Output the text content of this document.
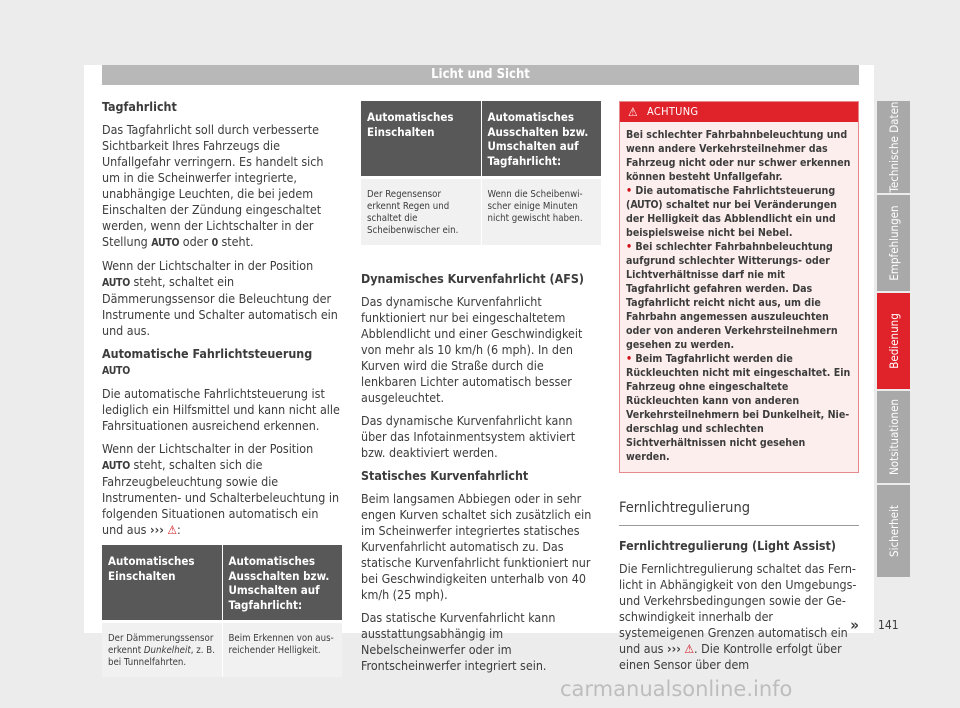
Licht und Sicht

Tagfahrlicht

Das Tagfahrlicht soll durch verbesserte Sichtbarkeit Ihres Fahrzeugs die Unfallgefahr verringern. Es handelt sich um in die Scheinwerfer integrierte, unabhängige Leuchten, die bei jedem Einschalten der Zündung eingeschaltet werden, wenn der Lichtschalter in der Stellung AUTO oder 0 steht.

Wenn der Lichtschalter in der Position AUTO steht, schaltet ein Dämmerungssensor die Beleuchtung der Instrumente und Schalter automatisch ein und aus.

Automatische Fahrlichtsteuerung AUTO

Die automatische Fahrlichtsteuerung ist lediglich ein Hilfsmittel und kann nicht alle Fahrsituationen ausreichend erkennen.

Wenn der Lichtschalter in der Position AUTO steht, schalten sich die Fahrzeugbeleuchtung sowie die Instrumenten- und Schalterbeleuchtung in folgenden Situationen automatisch ein und aus ››› ⚠:

Automatisches Einschalten	Automatisches Ausschalten bzw. Umschalten auf Tagfahrlicht:

Der Dämmerungssensor erkennt Dunkelheit, z. B. bei Tunnelfahrten.	Beim Erkennen von ausreichender Helligkeit.
Automatisches Einschalten	Automatisches Ausschalten bzw. Umschalten auf Tagfahrlicht:

Der Regensensor erkennt Regen und schaltet die Scheibenwischer ein.	Wenn die Scheibenwischer einige Minuten nicht gewischt haben.

Dynamisches Kurvenfahrlicht (AFS)

Das dynamische Kurvenfahrlicht funktioniert nur bei eingeschaltetem Abblendlicht und einer Geschwindigkeit von mehr als 10 km/h (6 mph). In den Kurven wird die Straße durch die lenkbaren Lichter automatisch besser ausgeleuchtet.

Das dynamische Kurvenfahrlicht kann über das Infotainmentsystem aktiviert bzw. deaktiviert werden.

Statisches Kurvenfahrlicht

Beim langsamen Abbiegen oder in sehr engen Kurven schaltet sich zusätzlich ein im Scheinwerfer integriertes statisches Kurvenfahrlicht automatisch zu. Das statische Kurvenfahrlicht funktioniert nur bei Geschwindigkeiten unterhalb von 40 km/h (25 mph).

Das statische Kurvenfahrlicht kann ausstattungsabhängig im Nebelscheinwerfer oder im Frontscheinwerfer integriert sein.

⚠ ACHTUNG

Bei schlechter Fahrbahnbeleuchtung und wenn andere Verkehrsteilnehmer das Fahrzeug nicht oder nur schwer erkennen können besteht Unfallgefahr.

• Die automatische Fahrlichtsteuerung (AUTO) schaltet nur bei Veränderungen der Helligkeit das Abblendlicht ein und beispielsweise nicht bei Nebel.

• Bei schlechter Fahrbahnbeleuchtung aufgrund schlechter Witterungs- oder Lichtverhältnisse darf nie mit Tagfahrlicht gefahren werden. Das Tagfahrlicht reicht nicht aus, um die Fahrbahn angemessen auszuleuchten oder von anderen Verkehrsteilnehmern gesehen zu werden.

• Beim Tagfahrlicht werden die Rückleuchten nicht mit eingeschaltet. Ein Fahrzeug ohne eingeschaltete Rückleuchten kann von anderen Verkehrsteilnehmern bei Dunkelheit, Niederschlag und schlechten Sichtverhältnissen nicht gesehen werden.

Fernlichtregulierung

Fernlichtregulierung (Light Assist)

Die Fernlichtregulierung schaltet das Fernlicht in Abhängigkeit von den Umgebungs- und Verkehrsbedingungen sowie der Geschwindigkeit innerhalb der systemeigenen Grenzen automatisch ein und aus ››› ⚠. Die Kontrolle erfolgt über einen Sensor über dem

»
Technische Daten
Empfehlungen
Bedienung
Notsituationen
Sicherheit
141
carmanualsonline.info
